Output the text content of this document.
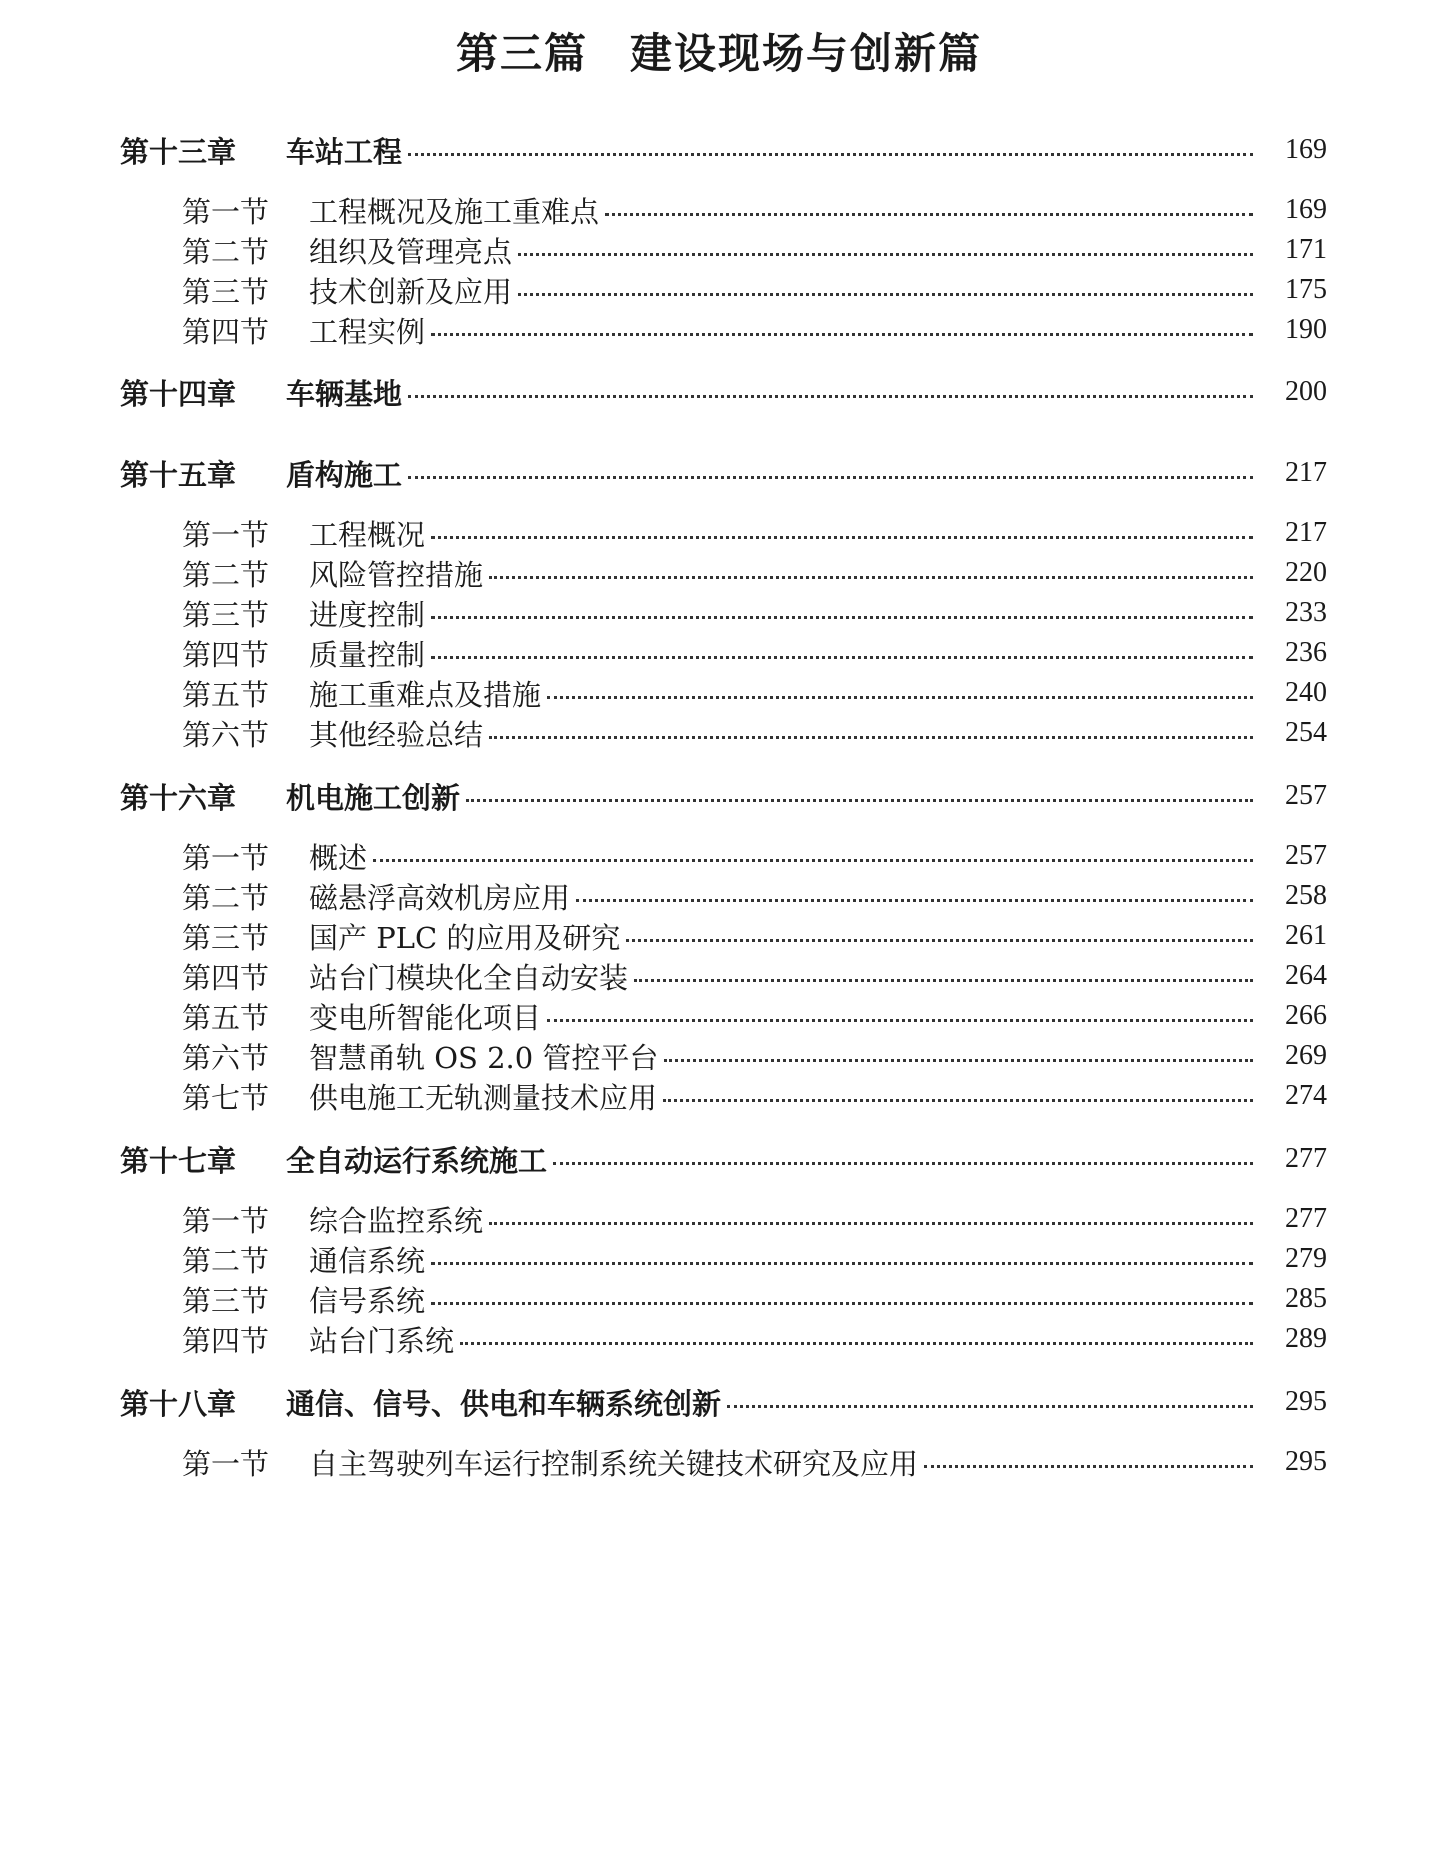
第三篇 建设现场与创新篇
第十三章	车站工程	169
第一节	工程概况及施工重难点	169
第二节	组织及管理亮点	171
第三节	技术创新及应用	175
第四节	工程实例	190
第十四章	车辆基地	200
第十五章	盾构施工	217
第一节	工程概况	217
第二节	风险管控措施	220
第三节	进度控制	233
第四节	质量控制	236
第五节	施工重难点及措施	240
第六节	其他经验总结	254
第十六章	机电施工创新	257
第一节	概述	257
第二节	磁悬浮高效机房应用	258
第三节	国产 PLC 的应用及研究	261
第四节	站台门模块化全自动安装	264
第五节	变电所智能化项目	266
第六节	智慧甬轨 OS 2.0 管控平台	269
第七节	供电施工无轨测量技术应用	274
第十七章	全自动运行系统施工	277
第一节	综合监控系统	277
第二节	通信系统	279
第三节	信号系统	285
第四节	站台门系统	289
第十八章	通信、信号、供电和车辆系统创新	295
第一节	自主驾驶列车运行控制系统关键技术研究及应用	295
